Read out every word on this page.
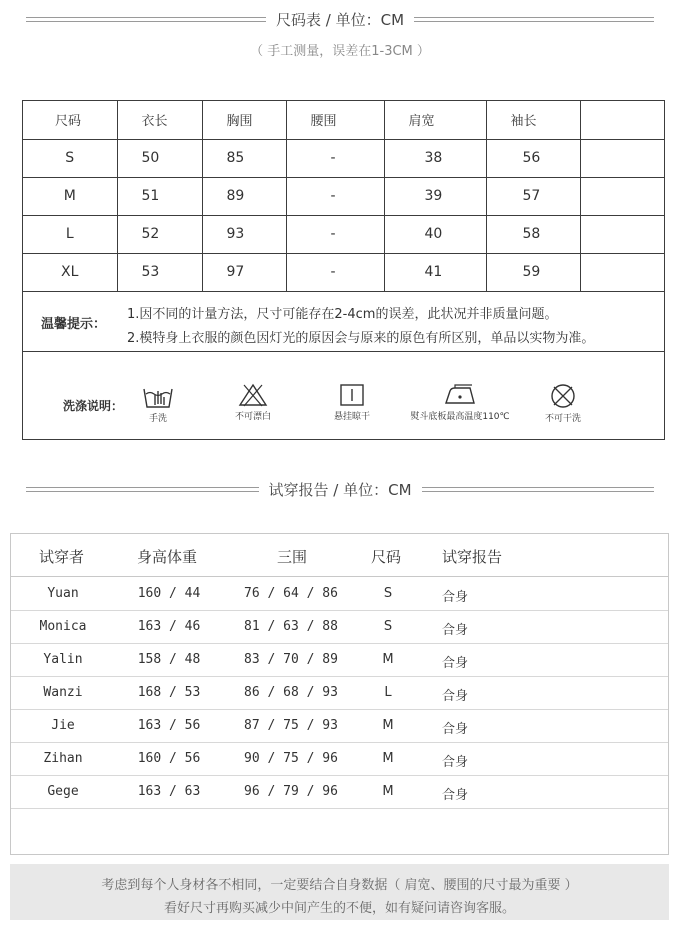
尺码表 / 单位：CM
（ 手工测量，误差在1-3CM ）
尺码	衣长	胸围	腰围	肩宽	袖长	
S	50	85	-	38	56	
M	51	89	-	39	57	
L	52	93	-	40	58	
XL	53	97	-	41	59	
温馨提示：
1.因不同的计量方法，尺寸可能存在2-4cm的误差，此状况并非质量问题。
2.模特身上衣服的颜色因灯光的原因会与原来的原色有所区别，单品以实物为准。
洗涤说明：
手洗	不可漂白	悬挂晾干	熨斗底板最高温度110℃	不可干洗
试穿报告 / 单位：CM
试穿者	身高体重	三围	尺码	试穿报告
Yuan	160 / 44	76 / 64 / 86	S	合身
Monica	163 / 46	81 / 63 / 88	S	合身
Yalin	158 / 48	83 / 70 / 89	M	合身
Wanzi	168 / 53	86 / 68 / 93	L	合身
Jie	163 / 56	87 / 75 / 93	M	合身
Zihan	160 / 56	90 / 75 / 96	M	合身
Gege	163 / 63	96 / 79 / 96	M	合身
考虑到每个人身材各不相同，一定要结合自身数据（ 肩宽、腰围的尺寸最为重要 ）
看好尺寸再购买减少中间产生的不便，如有疑问请咨询客服。
